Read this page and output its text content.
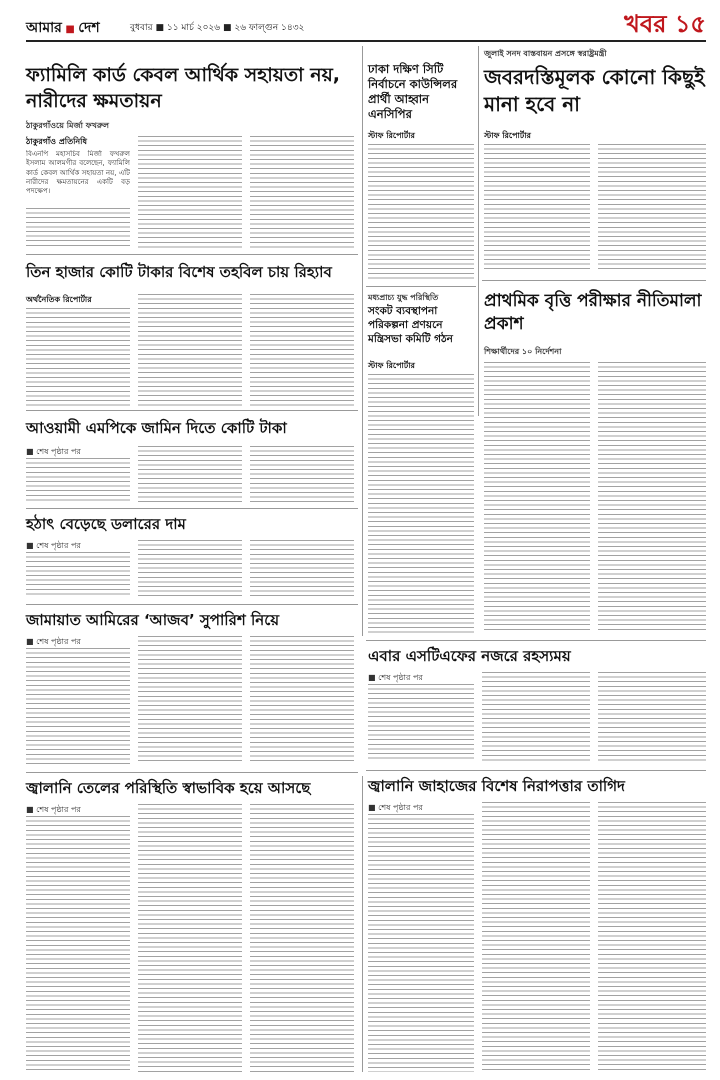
আমার ■ দেশ	বুধবার ■ ১১ মার্চ ২০২৬ ■ ২৬ ফাল্গুন ১৪৩২	খবর ১৫
ফ্যামিলি কার্ড কেবল আর্থিক সহায়তা নয়, নারীদের ক্ষমতায়ন
ঠাকুরগাঁওয়ে মির্জা ফখরুল
ঠাকুরগাঁও প্রতিনিধি
বিএনপি মহাসচিব মির্জা ফখরুল ইসলাম আলমগীর বলেছেন, ফ্যামিলি কার্ড কেবল আর্থিক সহায়তা নয়, এটি নারীদের ক্ষমতায়নের একটি বড় পদক্ষেপ।
ঢাকা দক্ষিণ সিটি নির্বাচনে কাউন্সিলর প্রার্থী আহ্বান এনসিপির
স্টাফ রিপোর্টার
জুলাই সনদ বাস্তবায়ন প্রসঙ্গে স্বরাষ্ট্রমন্ত্রী
জবরদস্তিমূলক কোনো কিছুই মানা হবে না
স্টাফ রিপোর্টার
তিন হাজার কোটি টাকার বিশেষ তহবিল চায় রিহ্যাব
অর্থনৈতিক রিপোর্টার	মধ্যপ্রাচ্য যুদ্ধ পরিস্থিতি
সংকট ব্যবস্থাপনা পরিকল্পনা প্রণয়নে মন্ত্রিসভা কমিটি গঠন
স্টাফ রিপোর্টার
প্রাথমিক বৃত্তি পরীক্ষার নীতিমালা প্রকাশ
শিক্ষার্থীদের ১০ নির্দেশনা
আওয়ামী এমপিকে জামিন দিতে কোটি টাকা
■ শেষ পৃষ্ঠার পর
হঠাৎ বেড়েছে ডলারের দাম
■ শেষ পৃষ্ঠার পর
জামায়াত আমিরের ‘আজব’ সুপারিশ নিয়ে
■ শেষ পৃষ্ঠার পর
এবার এসটিএফের নজরে রহস্যময়
■ শেষ পৃষ্ঠার পর
জ্বালানি তেলের পরিস্থিতি স্বাভাবিক হয়ে আসছে
■ শেষ পৃষ্ঠার পর
জ্বালানি জাহাজের বিশেষ নিরাপত্তার তাগিদ
■ শেষ পৃষ্ঠার পর
